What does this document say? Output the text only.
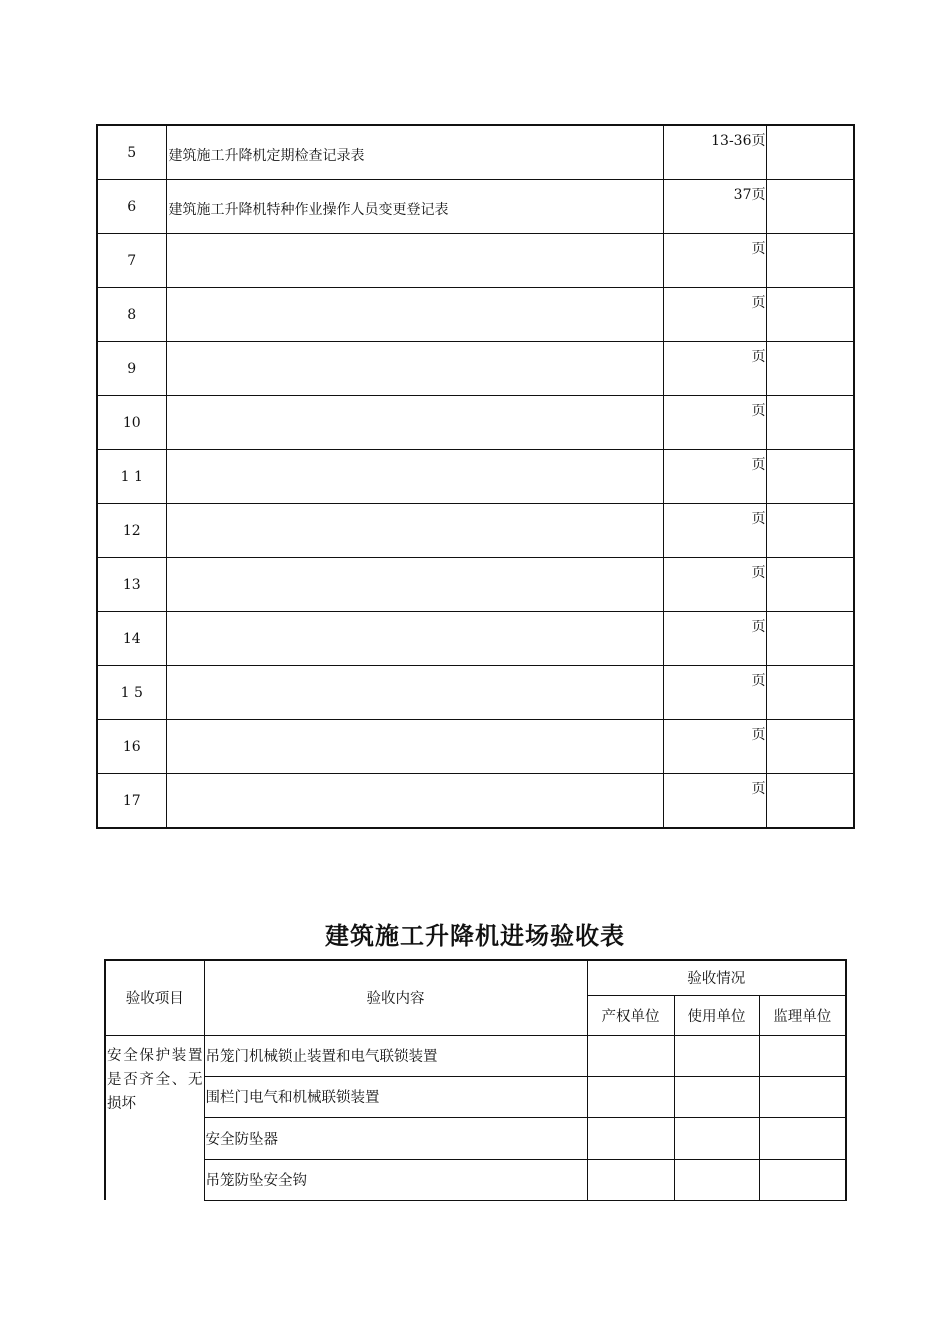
5	建筑施工升降机定期检查记录表	13-36页	
6	建筑施工升降机特种作业操作人员变更登记表	37页	
7		页	
8		页	
9		页	
10		页	
1 1		页	
12		页	
13		页	
14		页	
1 5		页	
16		页	
17		页	
建筑施工升降机进场验收表
验收项目	验收内容	验收情况		
		产权单位	使用单位	监理单位
安全保护装置是否齐全、无损坏	吊笼门机械锁止装置和电气联锁装置			
	围栏门电气和机械联锁装置			
	安全防坠器			
	吊笼防坠安全钩			
